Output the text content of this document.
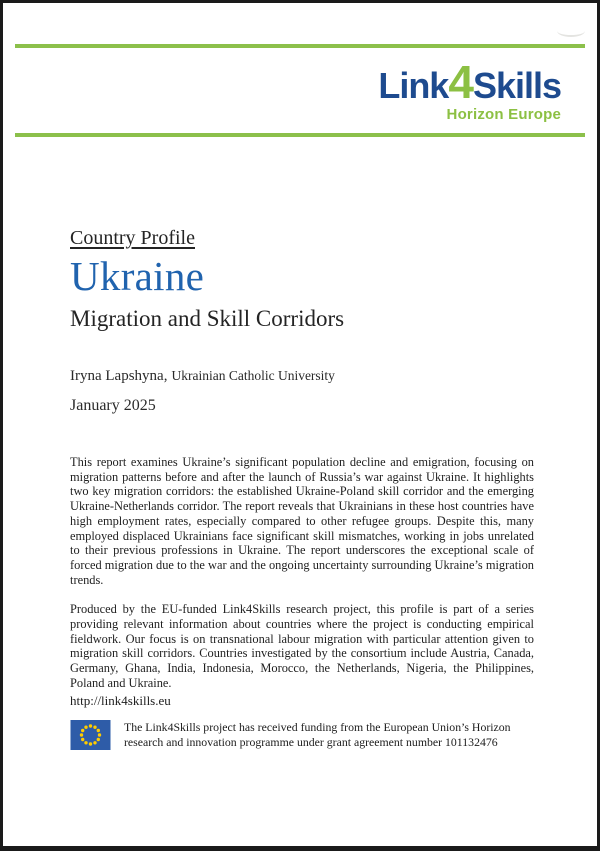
Link4Skills
Horizon Europe
Country Profile
Ukraine
Migration and Skill Corridors
Iryna Lapshyna, Ukrainian Catholic University
January 2025

This report examines Ukraine’s significant population decline and emigration, focusing on migration patterns before and after the launch of Russia’s war against Ukraine. It highlights two key migration corridors: the established Ukraine-Poland skill corridor and the emerging Ukraine-Netherlands corridor. The report reveals that Ukrainians in these host countries have high employment rates, especially compared to other refugee groups. Despite this, many employed displaced Ukrainians face significant skill mismatches, working in jobs unrelated to their previous professions in Ukraine. The report underscores the exceptional scale of forced migration due to the war and the ongoing uncertainty surrounding Ukraine’s migration trends.

Produced by the EU-funded Link4Skills research project, this profile is part of a series providing relevant information about countries where the project is conducting empirical fieldwork. Our focus is on transnational labour migration with particular attention given to migration skill corridors. Countries investigated by the consortium include Austria, Canada, Germany, Ghana, India, Indonesia, Morocco, the Netherlands, Nigeria, the Philippines, Poland and Ukraine.

http://link4skills.eu
The Link4Skills project has received funding from the European Union’s Horizon research and innovation programme under grant agreement number 101132476
